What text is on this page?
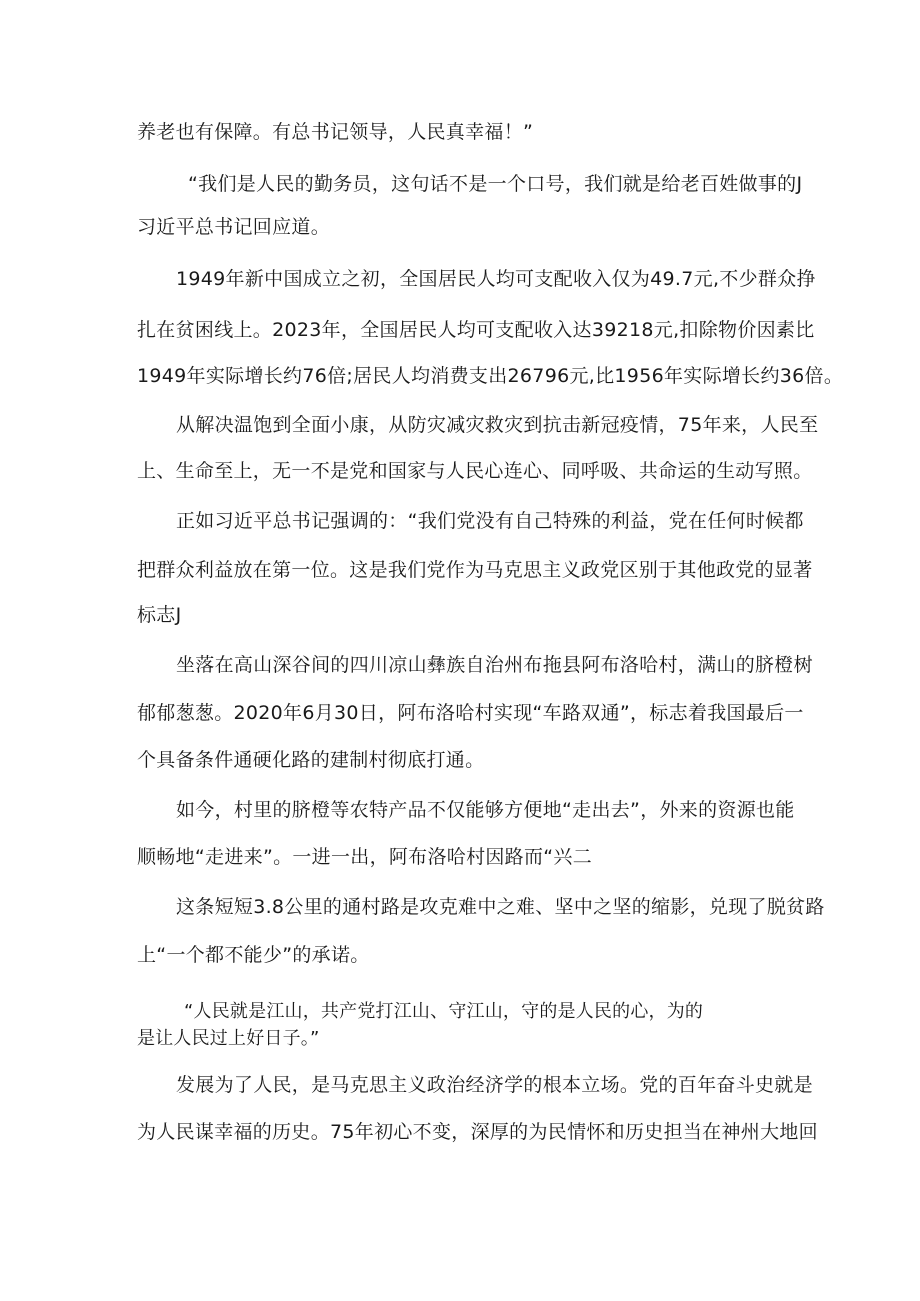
养老也有保障。有总书记领导，人民真幸福！”
“我们是人民的勤务员，这句话不是一个口号，我们就是给老百姓做事的J
习近平总书记回应道。
1949年新中国成立之初，全国居民人均可支配收入仅为49.7元,不少群众挣
扎在贫困线上。2023年，全国居民人均可支配收入达39218元,扣除物价因素比
1949年实际增长约76倍;居民人均消费支出26796元,比1956年实际增长约36倍。
从解决温饱到全面小康，从防灾减灾救灾到抗击新冠疫情，75年来，人民至
上、生命至上，无一不是党和国家与人民心连心、同呼吸、共命运的生动写照。
正如习近平总书记强调的：“我们党没有自己特殊的利益，党在任何时候都
把群众利益放在第一位。这是我们党作为马克思主义政党区别于其他政党的显著
标志J
坐落在高山深谷间的四川凉山彝族自治州布拖县阿布洛哈村，满山的脐橙树
郁郁葱葱。2020年6月30日，阿布洛哈村实现“车路双通”，标志着我国最后一
个具备条件通硬化路的建制村彻底打通。
如今，村里的脐橙等农特产品不仅能够方便地“走出去”，外来的资源也能
顺畅地“走进来”。一进一出，阿布洛哈村因路而“兴二
这条短短3.8公里的通村路是攻克难中之难、坚中之坚的缩影，兑现了脱贫路
上“一个都不能少”的承诺。
“人民就是江山，共产党打江山、守江山，守的是人民的心，为的
是让人民过上好日子。”
发展为了人民，是马克思主义政治经济学的根本立场。党的百年奋斗史就是
为人民谋幸福的历史。75年初心不变，深厚的为民情怀和历史担当在神州大地回
